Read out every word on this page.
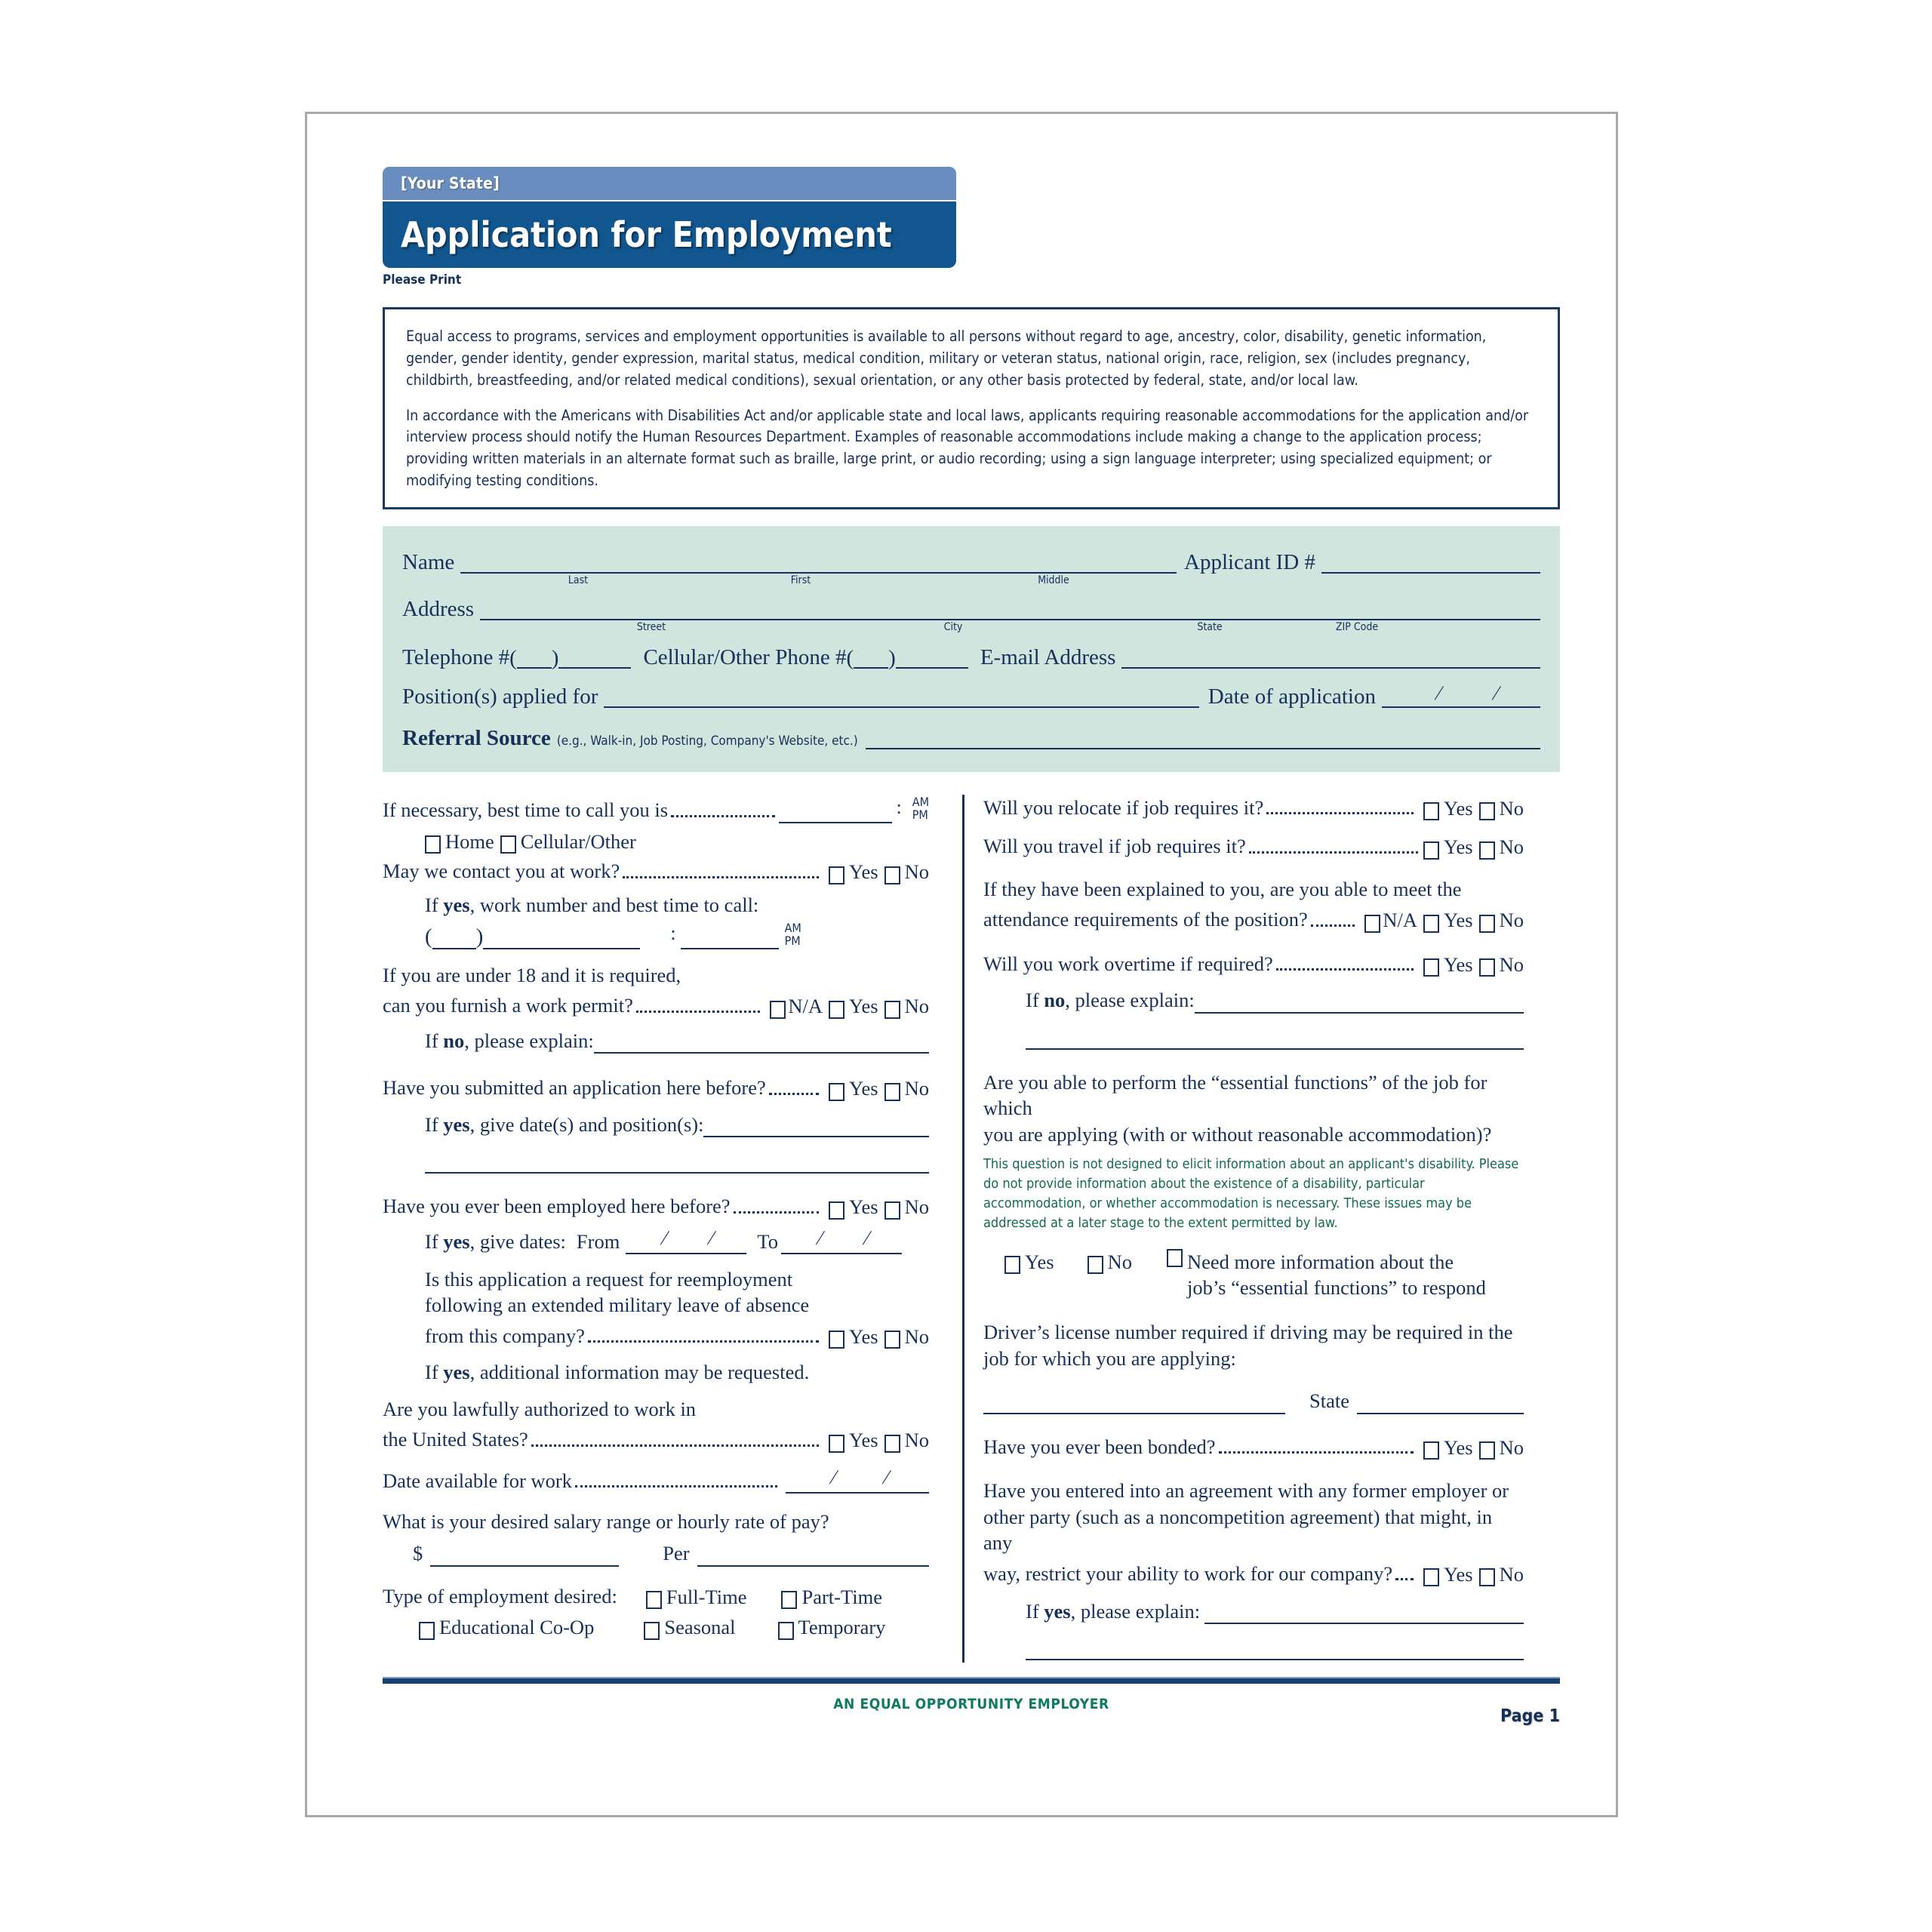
[Your State]
Application for Employment
Please Print

Equal access to programs, services and employment opportunities is available to all persons without regard to age, ancestry, color, disability, genetic information, gender, gender identity, gender expression, marital status, medical condition, military or veteran status, national origin, race, religion, sex (includes pregnancy, childbirth, breastfeeding, and/or related medical conditions), sexual orientation, or any other basis protected by federal, state, and/or local law.

In accordance with the Americans with Disabilities Act and/or applicable state and local laws, applicants requiring reasonable accommodations for the application and/or interview process should notify the Human Resources Department. Examples of reasonable accommodations include making a change to the application process; providing written materials in an alternate format such as braille, large print, or audio recording; using a sign language interpreter; using specialized equipment; or modifying testing conditions.

Name	Applicant ID #
Last	First	Middle
Address
Street	City	State	ZIP Code
Telephone # ( )	Cellular/Other Phone # ( )	E-mail Address
Position(s) applied for	Date of application	/ /
Referral Source (e.g., Walk-in, Job Posting, Company's Website, etc.)
If necessary, best time to call you is	: AM
PM
Home Cellular/Other
May we contact you at work?	Yes No
If yes, work number and best time to call:
( )	:	AM
PM
If you are under 18 and it is required,
can you furnish a work permit?	N/A Yes No
If no, please explain:
Have you submitted an application here before?	Yes No
If yes, give date(s) and position(s):
Have you ever been employed here before?	Yes No
If yes, give dates: From / / To / /
Is this application a request for reemployment
following an extended military leave of absence
from this company?	Yes No
If yes, additional information may be requested.
Are you lawfully authorized to work in
the United States?	Yes No
Date available for work	/ /
What is your desired salary range or hourly rate of pay?
$	Per
Type of employment desired: Full-Time	Part-Time
Educational Co-Op	Seasonal	Temporary
Will you relocate if job requires it?	Yes No
Will you travel if job requires it?	Yes No
If they have been explained to you, are you able to meet the
attendance requirements of the position?	N/A Yes No
Will you work overtime if required?	Yes No
If no, please explain:
Are you able to perform the “essential functions” of the job for which
you are applying (with or without reasonable accommodation)?
This question is not designed to elicit information about an applicant's disability. Please do not provide information about the existence of a disability, particular accommodation, or whether accommodation is necessary. These issues may be addressed at a later stage to the extent permitted by law.
Yes	No	Need more information about the
job’s “essential functions” to respond
Driver’s license number required if driving may be required in the
job for which you are applying:
State
Have you ever been bonded?	Yes No
Have you entered into an agreement with any former employer or
other party (such as a noncompetition agreement) that might, in any
way, restrict your ability to work for our company?	Yes No
If yes, please explain:
AN EQUAL OPPORTUNITY EMPLOYER
Page 1
